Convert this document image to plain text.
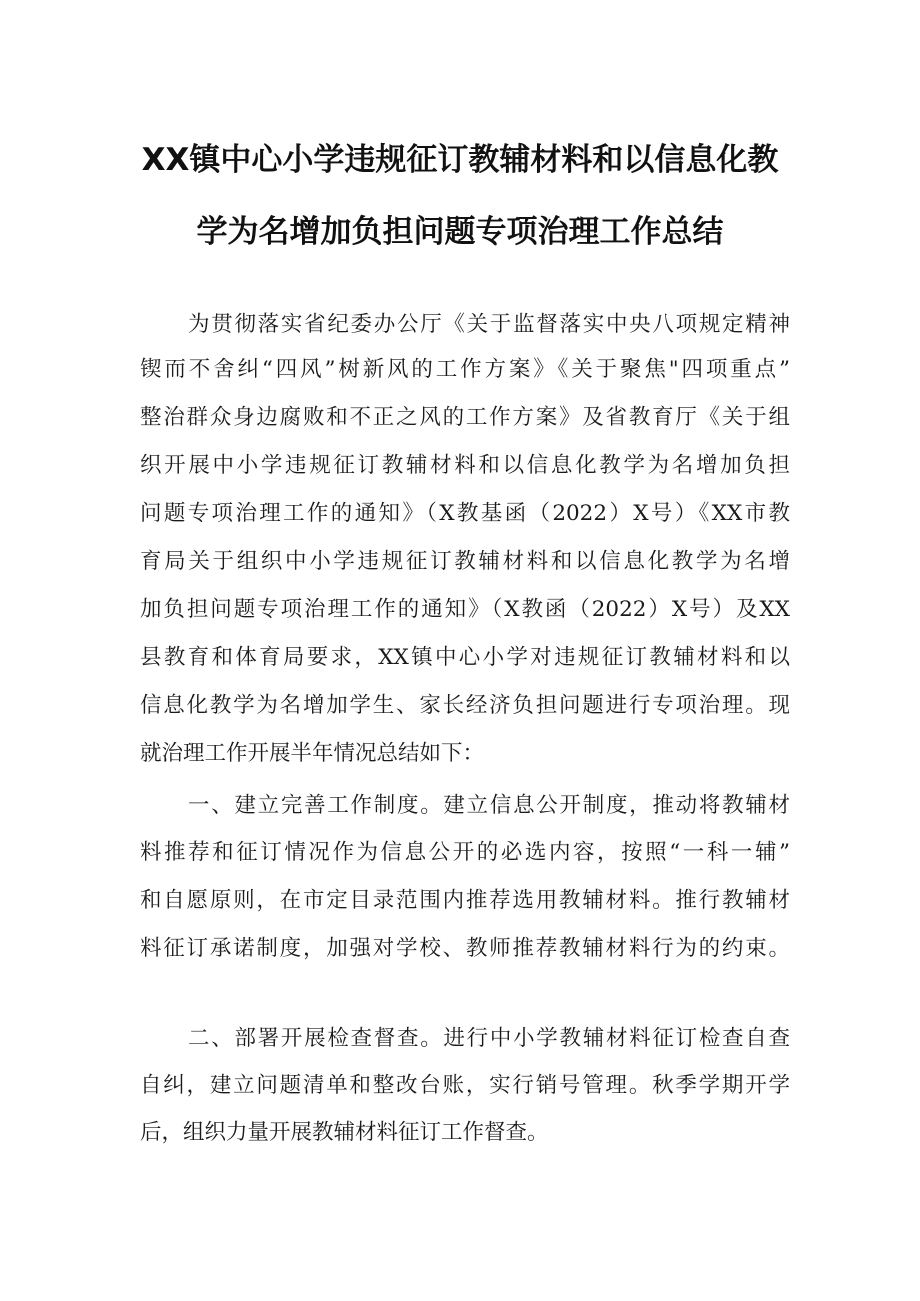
XX镇中心小学违规征订教辅材料和以信息化教
学为名增加负担问题专项治理工作总结
为贯彻落实省纪委办公厅《关于监督落实中央八项规定精神
锲而不舍纠“四风”树新风的工作方案》《关于聚焦"四项重点”
整治群众身边腐败和不正之风的工作方案》及省教育厅《关于组
织开展中小学违规征订教辅材料和以信息化教学为名增加负担
问题专项治理工作的通知》（X教基函（2022）X号）《XX市教
育局关于组织中小学违规征订教辅材料和以信息化教学为名增
加负担问题专项治理工作的通知》（X教函（2022）X号）及XX
县教育和体育局要求，XX镇中心小学对违规征订教辅材料和以
信息化教学为名增加学生、家长经济负担问题进行专项治理。现
就治理工作开展半年情况总结如下：
一、建立完善工作制度。建立信息公开制度，推动将教辅材
料推荐和征订情况作为信息公开的必选内容，按照“一科一辅”
和自愿原则，在市定目录范围内推荐选用教辅材料。推行教辅材
料征订承诺制度，加强对学校、教师推荐教辅材料行为的约束。
二、部署开展检查督查。进行中小学教辅材料征订检查自查
自纠，建立问题清单和整改台账，实行销号管理。秋季学期开学
后，组织力量开展教辅材料征订工作督查。
